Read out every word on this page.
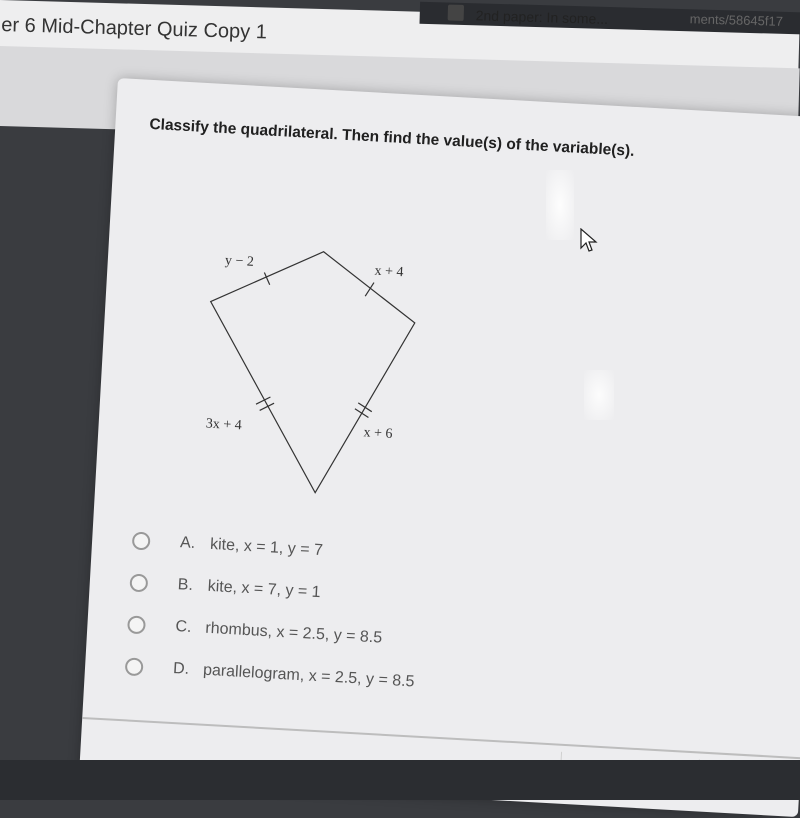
2nd paper: In some...	ments/58645f17
er 6 Mid-Chapter Quiz Copy 1
Classify the quadrilateral. Then find the value(s) of the variable(s).
y − 2
x + 4
3x + 4
x + 6
A. kite, x = 1, y = 7
B. kite, x = 7, y = 1
C. rhombus, x = 2.5, y = 8.5
D. parallelogram, x = 2.5, y = 8.5
